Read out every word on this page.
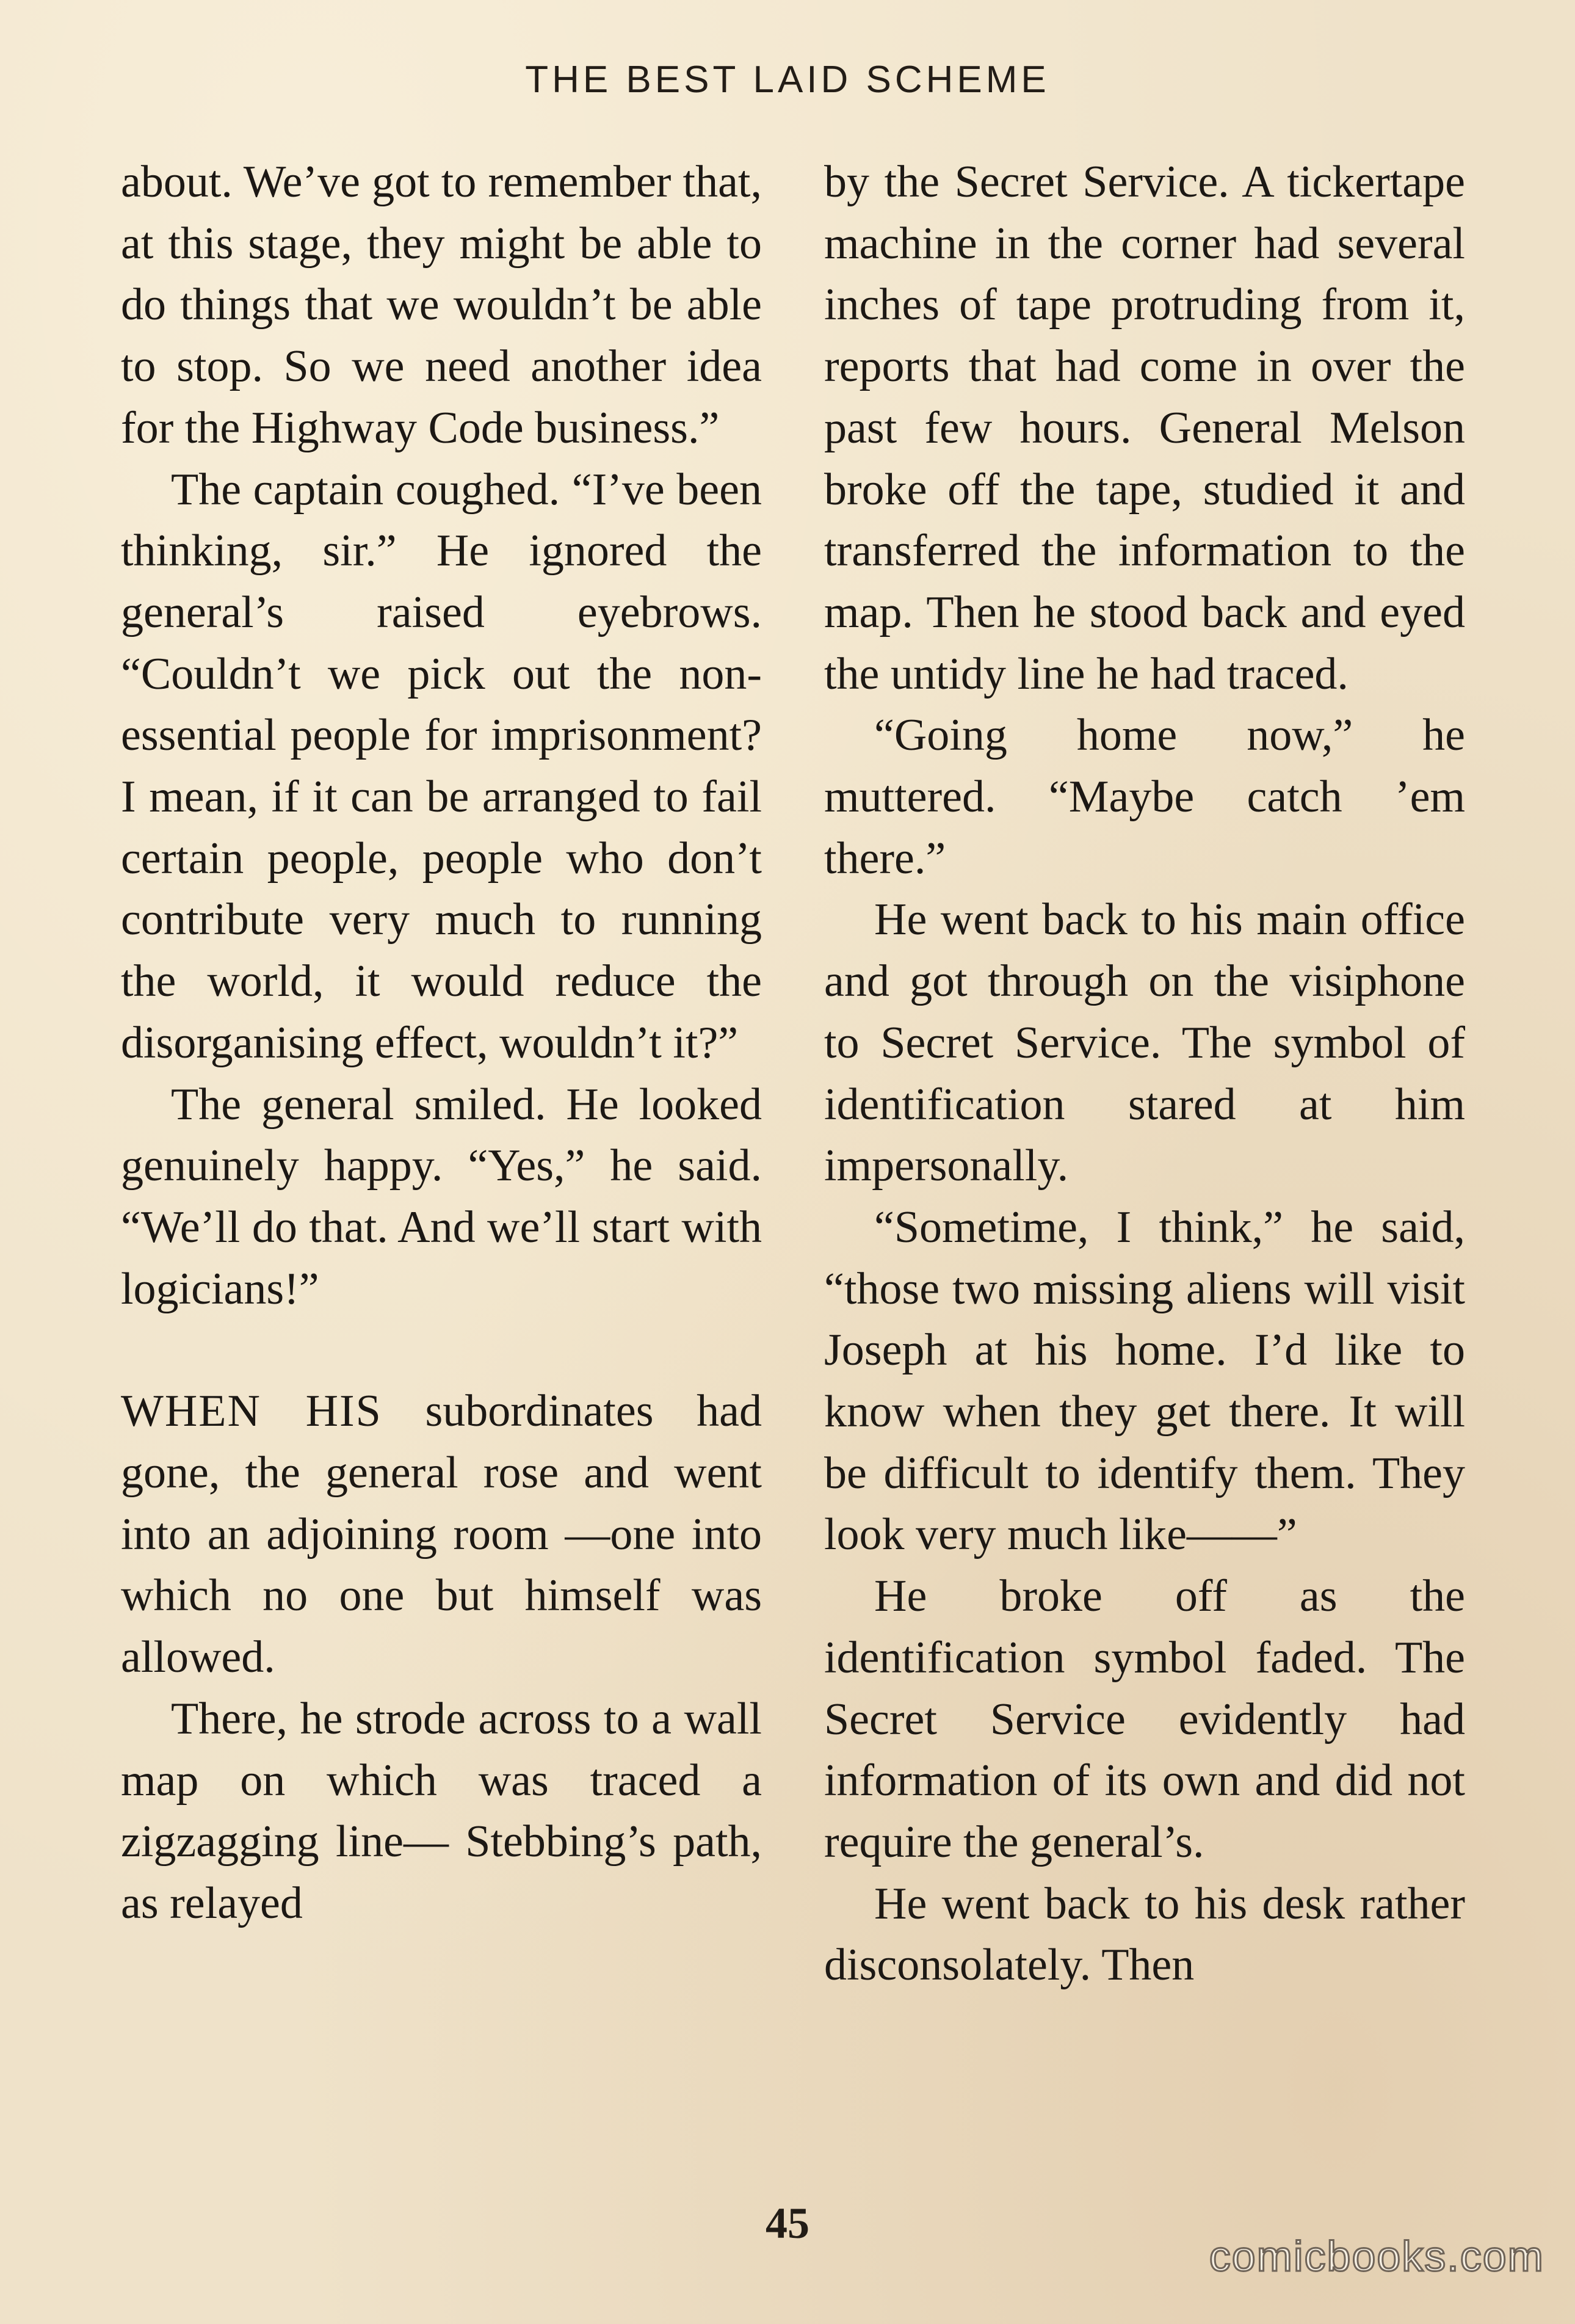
THE BEST LAID SCHEME

about. We’ve got to remember that, at this stage, they might be able to do things that we wouldn’t be able to stop. So we need another idea for the Highway Code business.”

The captain coughed. “I’ve been thinking, sir.” He ignored the general’s raised eyebrows. “Couldn’t we pick out the non-essential people for imprisonment? I mean, if it can be arranged to fail certain people, people who don’t contribute very much to running the world, it would reduce the disorganising effect, wouldn’t it?”

The general smiled. He looked genuinely happy. “Yes,” he said. “We’ll do that. And we’ll start with logicians!”

WHEN HIS subordinates had gone, the general rose and went into an adjoining room —one into which no one but himself was allowed.

There, he strode across to a wall map on which was traced a zigzagging line— Stebbing’s path, as relayed

by the Secret Service. A tickertape machine in the corner had several inches of tape protruding from it, reports that had come in over the past few hours. General Melson broke off the tape, studied it and transferred the information to the map. Then he stood back and eyed the untidy line he had traced.

“Going home now,” he muttered. “Maybe catch ’em there.”

He went back to his main office and got through on the visiphone to Secret Service. The symbol of identification stared at him impersonally.

“Sometime, I think,” he said, “those two missing aliens will visit Joseph at his home. I’d like to know when they get there. It will be difficult to identify them. They look very much like——”

He broke off as the identification symbol faded. The Secret Service evidently had information of its own and did not require the general’s.

He went back to his desk rather disconsolately. Then

45
comicbooks.com
